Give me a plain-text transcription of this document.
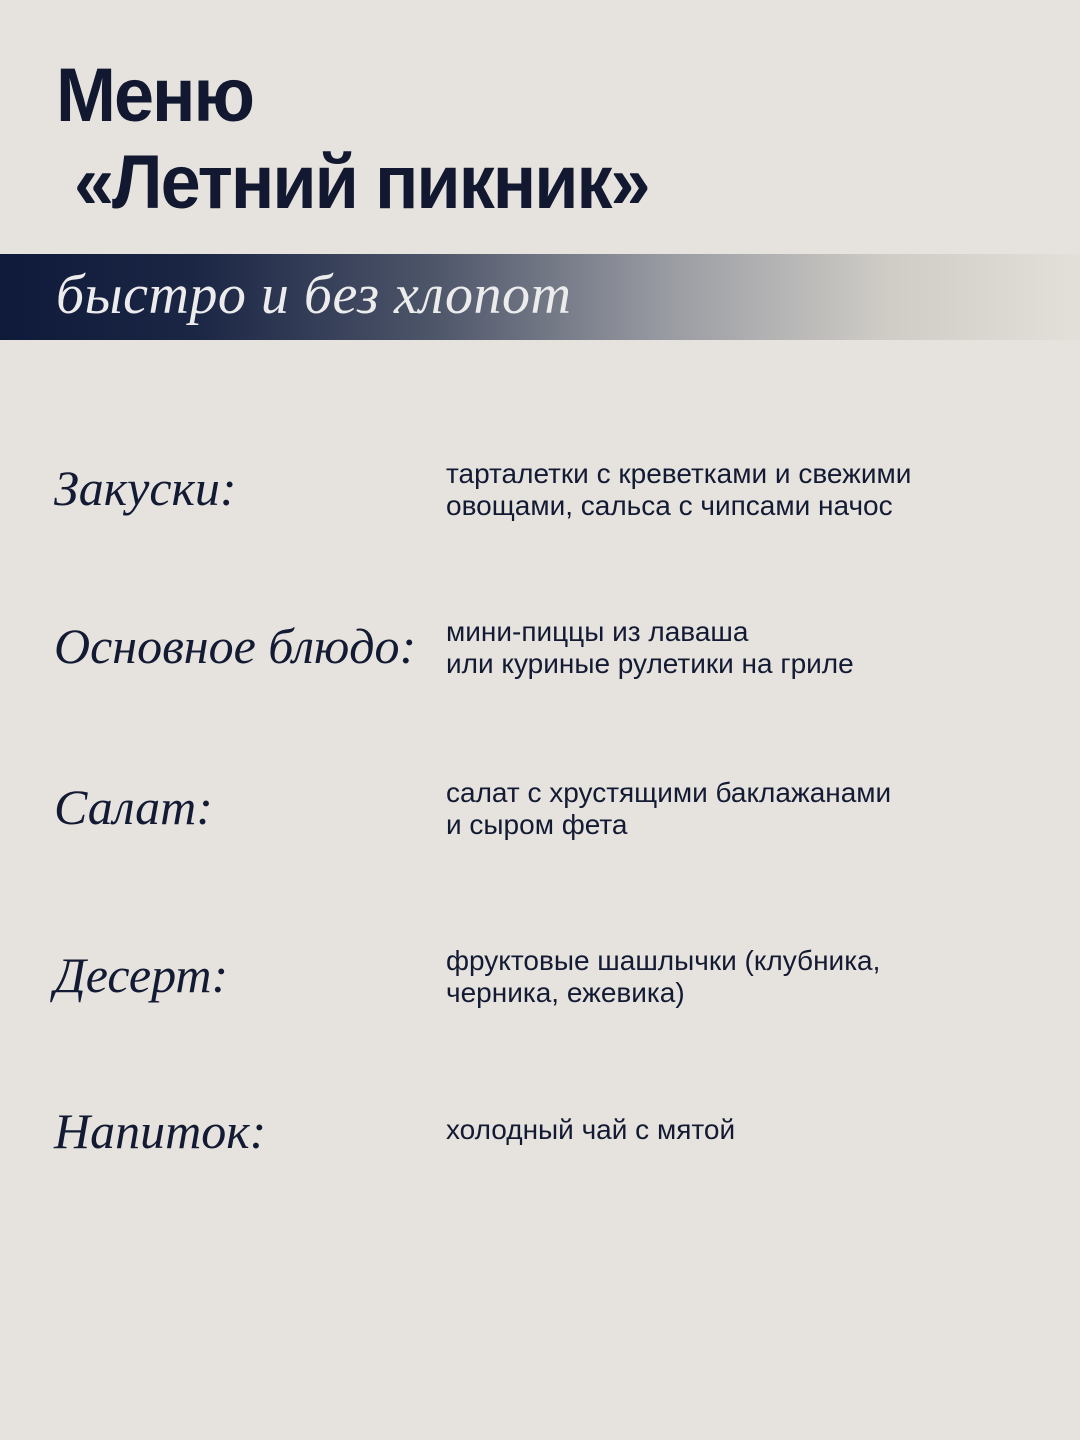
Меню
«Летний пикник»
быстро и без хлопот
Закуски:	тарталетки с креветками и свежими
овощами, сальса с чипсами начос
Основное блюдо: мини-пиццы из лаваша
или куриные рулетики на гриле
Салат:	салат с хрустящими баклажанами
и сыром фета
Десерт:	фруктовые шашлычки (клубника,
черника, ежевика)
Напиток:	холодный чай с мятой
